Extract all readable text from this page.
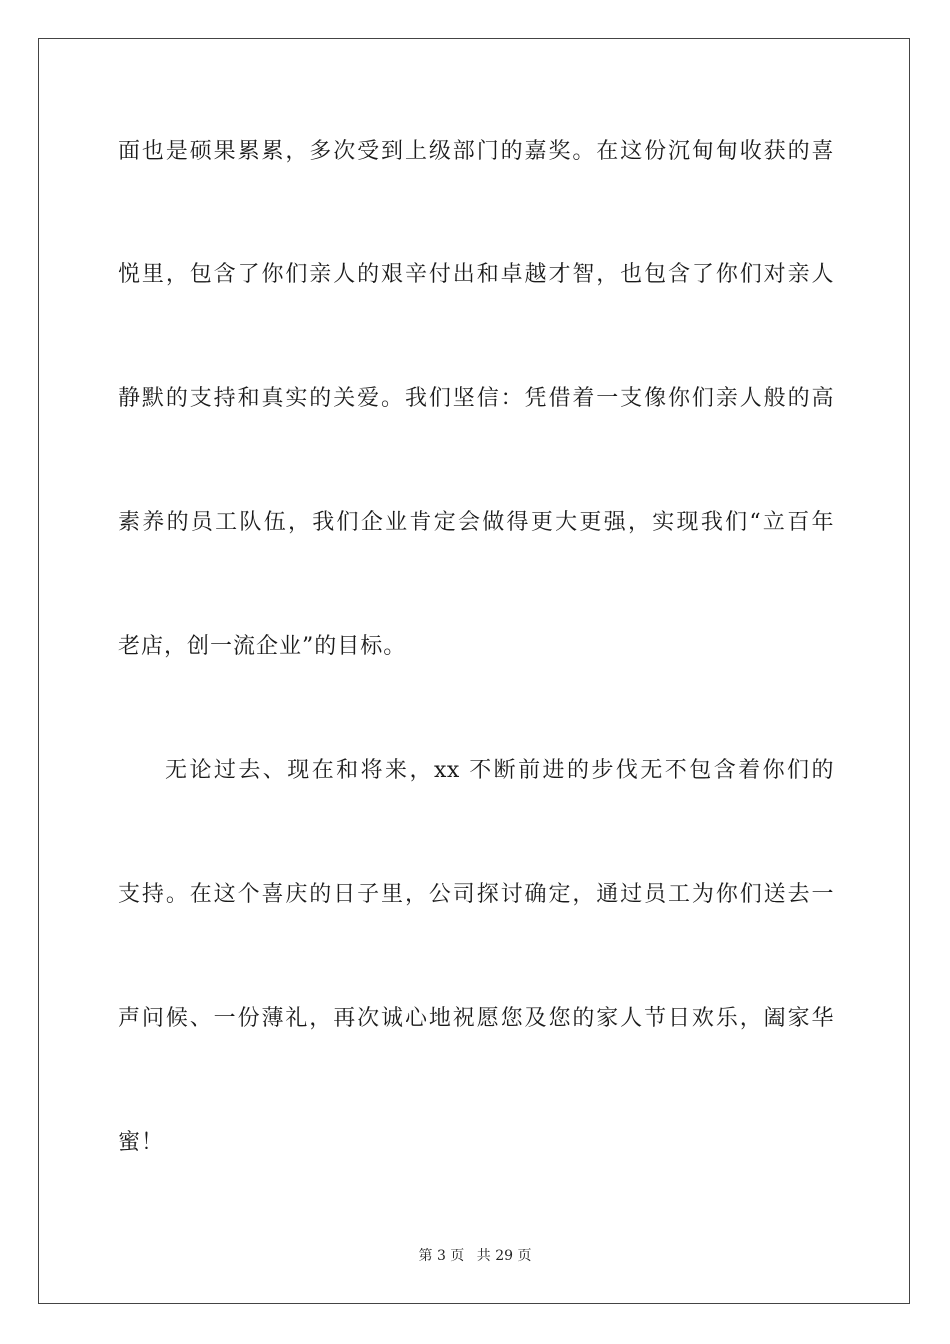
面也是硕果累累，多次受到上级部门的嘉奖。在这份沉甸甸收获的喜
悦里，包含了你们亲人的艰辛付出和卓越才智，也包含了你们对亲人
静默的支持和真实的关爱。我们坚信：凭借着一支像你们亲人般的高
素养的员工队伍，我们企业肯定会做得更大更强，实现我们“立百年
老店，创一流企业”的目标。
无论过去、现在和将来，xx 不断前进的步伐无不包含着你们的
支持。在这个喜庆的日子里，公司探讨确定，通过员工为你们送去一
声问候、一份薄礼，再次诚心地祝愿您及您的家人节日欢乐，阖家华
蜜！
第 3 页 共 29 页
